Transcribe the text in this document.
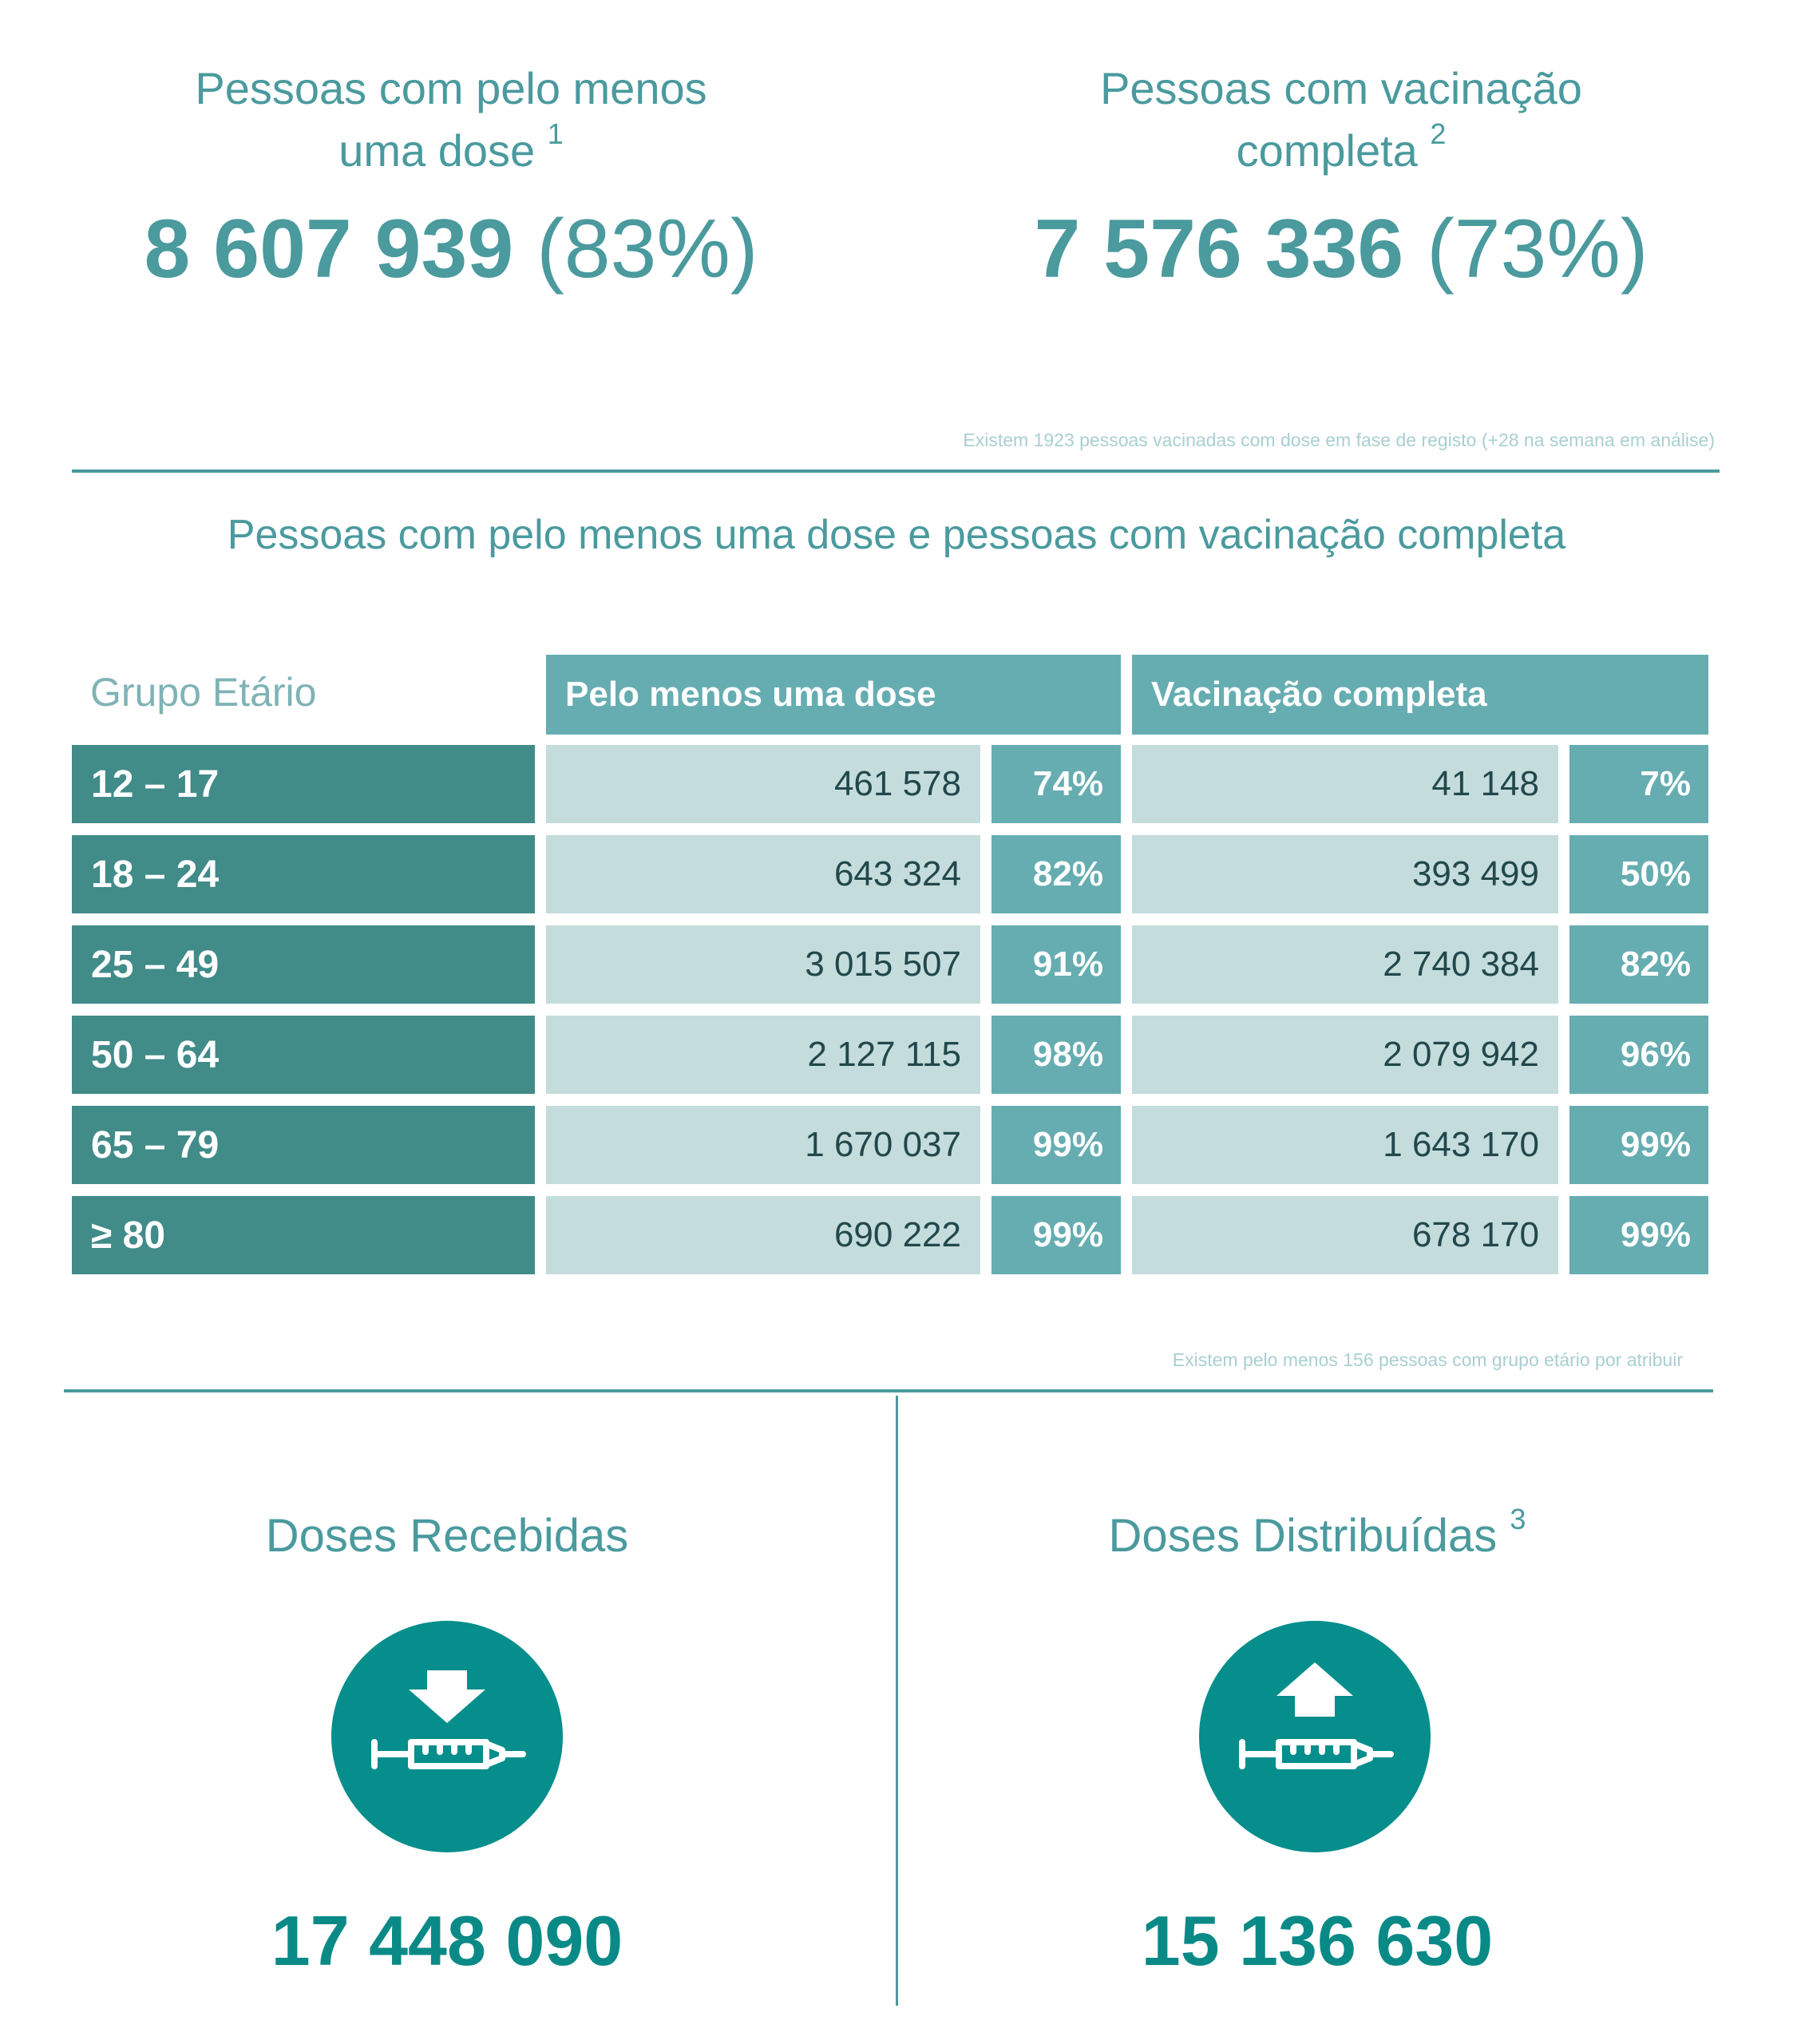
Pessoas com pelo menos
uma dose $^1$
8 607 939 (83%)
Pessoas com vacinação
completa $^2$
7 576 336 (73%)
Existem 1923 pessoas vacinadas com dose em fase de registo (+28 na semana em análise)
Pessoas com pelo menos uma dose e pessoas com vacinação completa
Grupo Etário	Pelo menos uma dose	Vacinação completa
12 – 17	461 578	74%	41 148	7%
18 – 24	643 324	82%	393 499	50%
25 – 49	3 015 507	91%	2 740 384	82%
50 – 64	2 127 115	98%	2 079 942	96%
65 – 79	1 670 037	99%	1 643 170	99%
≥ 80	690 222	99%	678 170	99%
Existem pelo menos 156 pessoas com grupo etário por atribuir
Doses Recebidas
17 448 090
Doses Distribuídas $^3$
15 136 630
